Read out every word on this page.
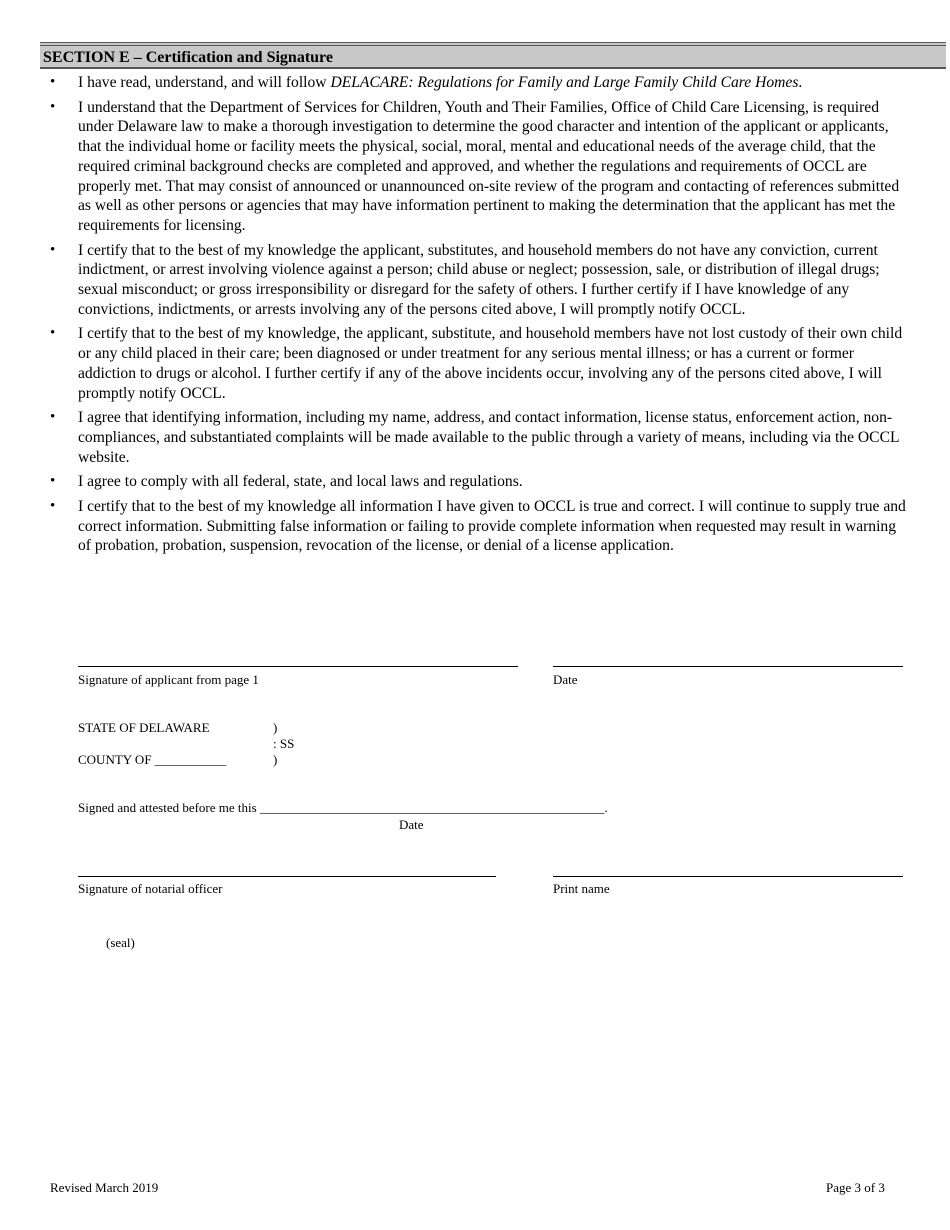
SECTION E – Certification and Signature
• I have read, understand, and will follow DELACARE: Regulations for Family and Large Family Child Care Homes.
• I understand that the Department of Services for Children, Youth and Their Families, Office of Child Care Licensing, is required under Delaware law to make a thorough investigation to determine the good character and intention of the applicant or applicants, that the individual home or facility meets the physical, social, moral, mental and educational needs of the average child, that the required criminal background checks are completed and approved, and whether the regulations and requirements of OCCL are properly met. That may consist of announced or unannounced on-site review of the program and contacting of references submitted as well as other persons or agencies that may have information pertinent to making the determination that the applicant has met the requirements for licensing.
• I certify that to the best of my knowledge the applicant, substitutes, and household members do not have any conviction, current indictment, or arrest involving violence against a person; child abuse or neglect; possession, sale, or distribution of illegal drugs; sexual misconduct; or gross irresponsibility or disregard for the safety of others. I further certify if I have knowledge of any convictions, indictments, or arrests involving any of the persons cited above, I will promptly notify OCCL.
• I certify that to the best of my knowledge, the applicant, substitute, and household members have not lost custody of their own child or any child placed in their care; been diagnosed or under treatment for any serious mental illness; or has a current or former addiction to drugs or alcohol. I further certify if any of the above incidents occur, involving any of the persons cited above, I will promptly notify OCCL.
• I agree that identifying information, including my name, address, and contact information, license status, enforcement action, non-compliances, and substantiated complaints will be made available to the public through a variety of means, including via the OCCL website.
• I agree to comply with all federal, state, and local laws and regulations.
• I certify that to the best of my knowledge all information I have given to OCCL is true and correct. I will continue to supply true and correct information. Submitting false information or failing to provide complete information when requested may result in warning of probation, probation, suspension, revocation of the license, or denial of a license application.
Signature of applicant from page 1	Date
STATE OF DELAWARE	)
: SS
COUNTY OF ___________	)
Signed and attested before me this _____________________________________________________.
Date
Signature of notarial officer	Print name
(seal)
Revised March 2019	Page 3 of 3
